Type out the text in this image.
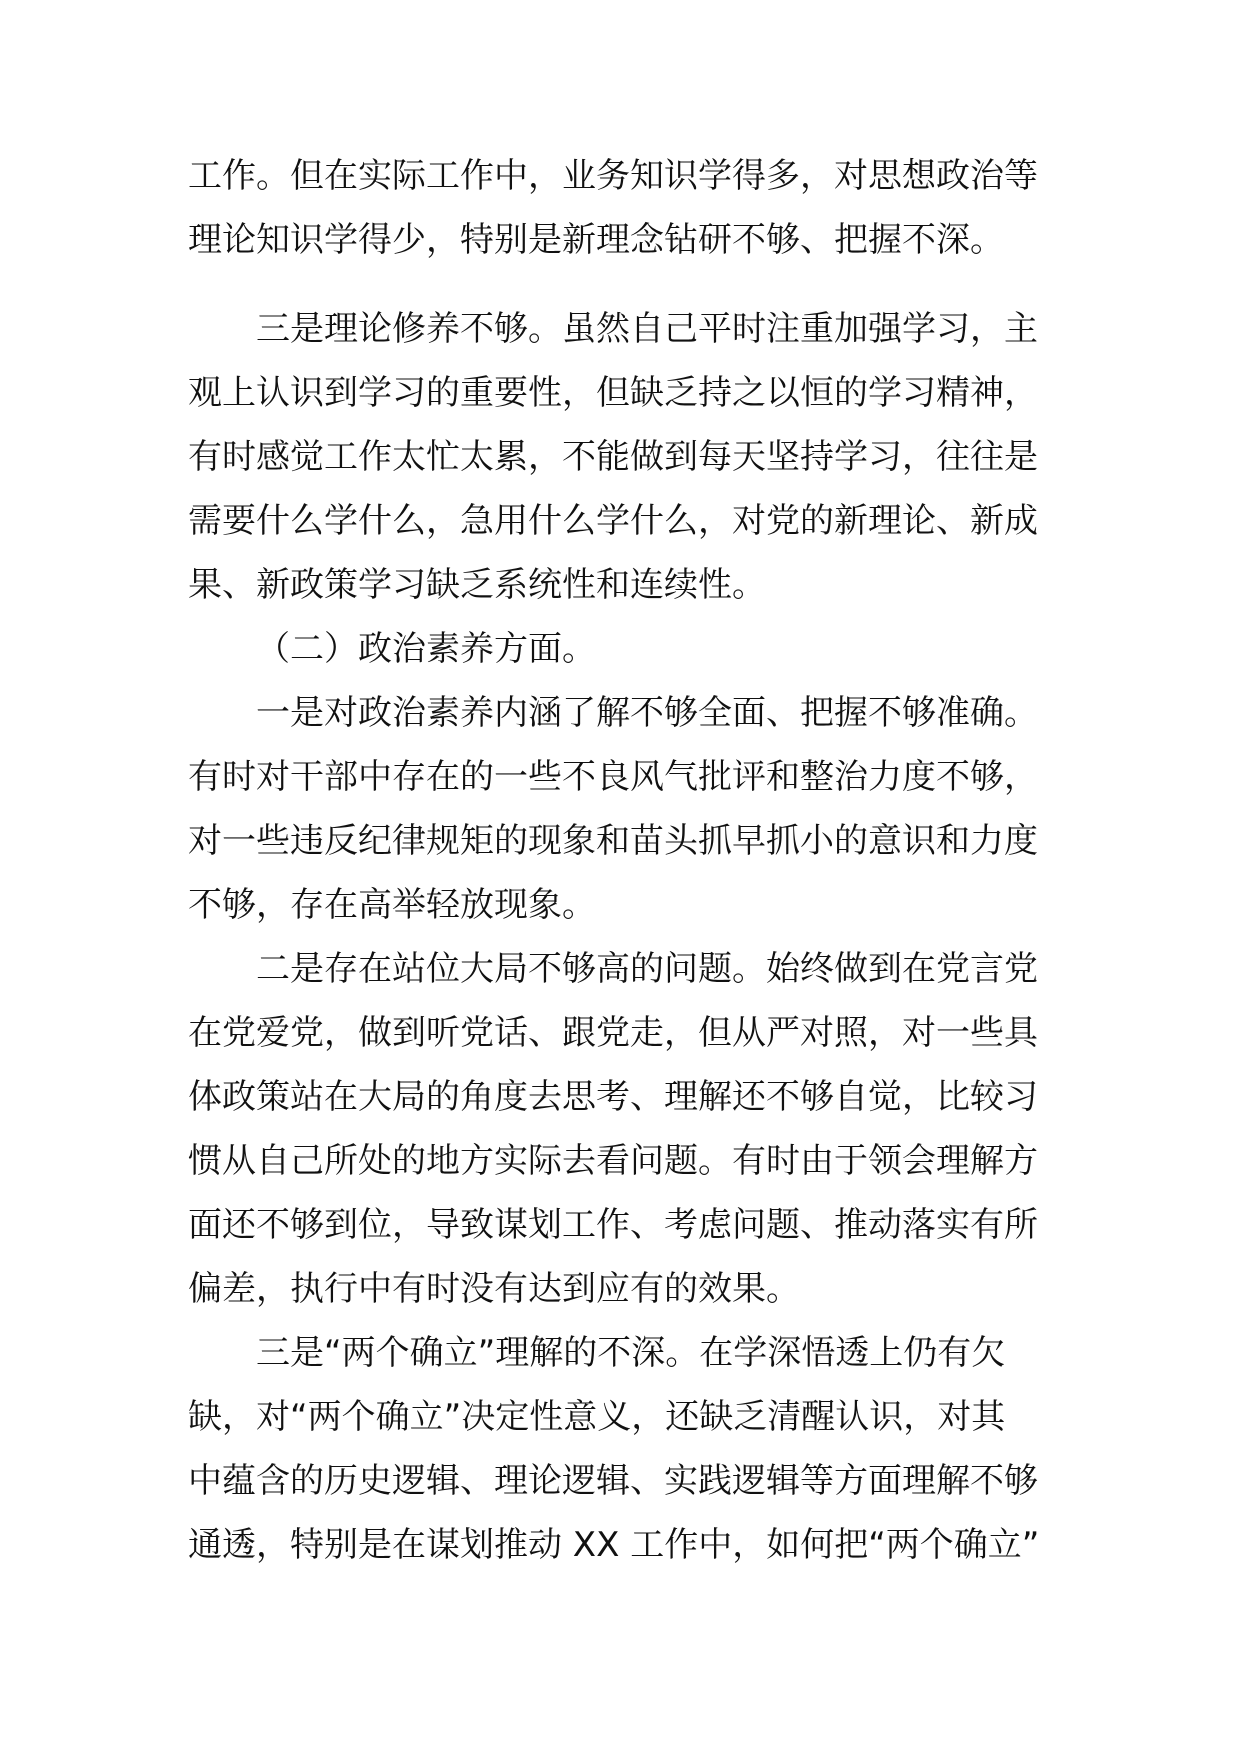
工作。但在实际工作中，业务知识学得多，对思想政治等
理论知识学得少，特别是新理念钻研不够、把握不深。
三是理论修养不够。虽然自己平时注重加强学习，主
观上认识到学习的重要性，但缺乏持之以恒的学习精神，
有时感觉工作太忙太累，不能做到每天坚持学习，往往是
需要什么学什么，急用什么学什么，对党的新理论、新成
果、新政策学习缺乏系统性和连续性。
（二）政治素养方面。
一是对政治素养内涵了解不够全面、把握不够准确。
有时对干部中存在的一些不良风气批评和整治力度不够，
对一些违反纪律规矩的现象和苗头抓早抓小的意识和力度
不够，存在高举轻放现象。
二是存在站位大局不够高的问题。始终做到在党言党
在党爱党，做到听党话、跟党走，但从严对照，对一些具
体政策站在大局的角度去思考、理解还不够自觉，比较习
惯从自己所处的地方实际去看问题。有时由于领会理解方
面还不够到位，导致谋划工作、考虑问题、推动落实有所
偏差，执行中有时没有达到应有的效果。
三是“两个确立”理解的不深。在学深悟透上仍有欠
缺，对“两个确立”决定性意义，还缺乏清醒认识，对其
中蕴含的历史逻辑、理论逻辑、实践逻辑等方面理解不够
通透，特别是在谋划推动 XX 工作中，如何把“两个确立”
